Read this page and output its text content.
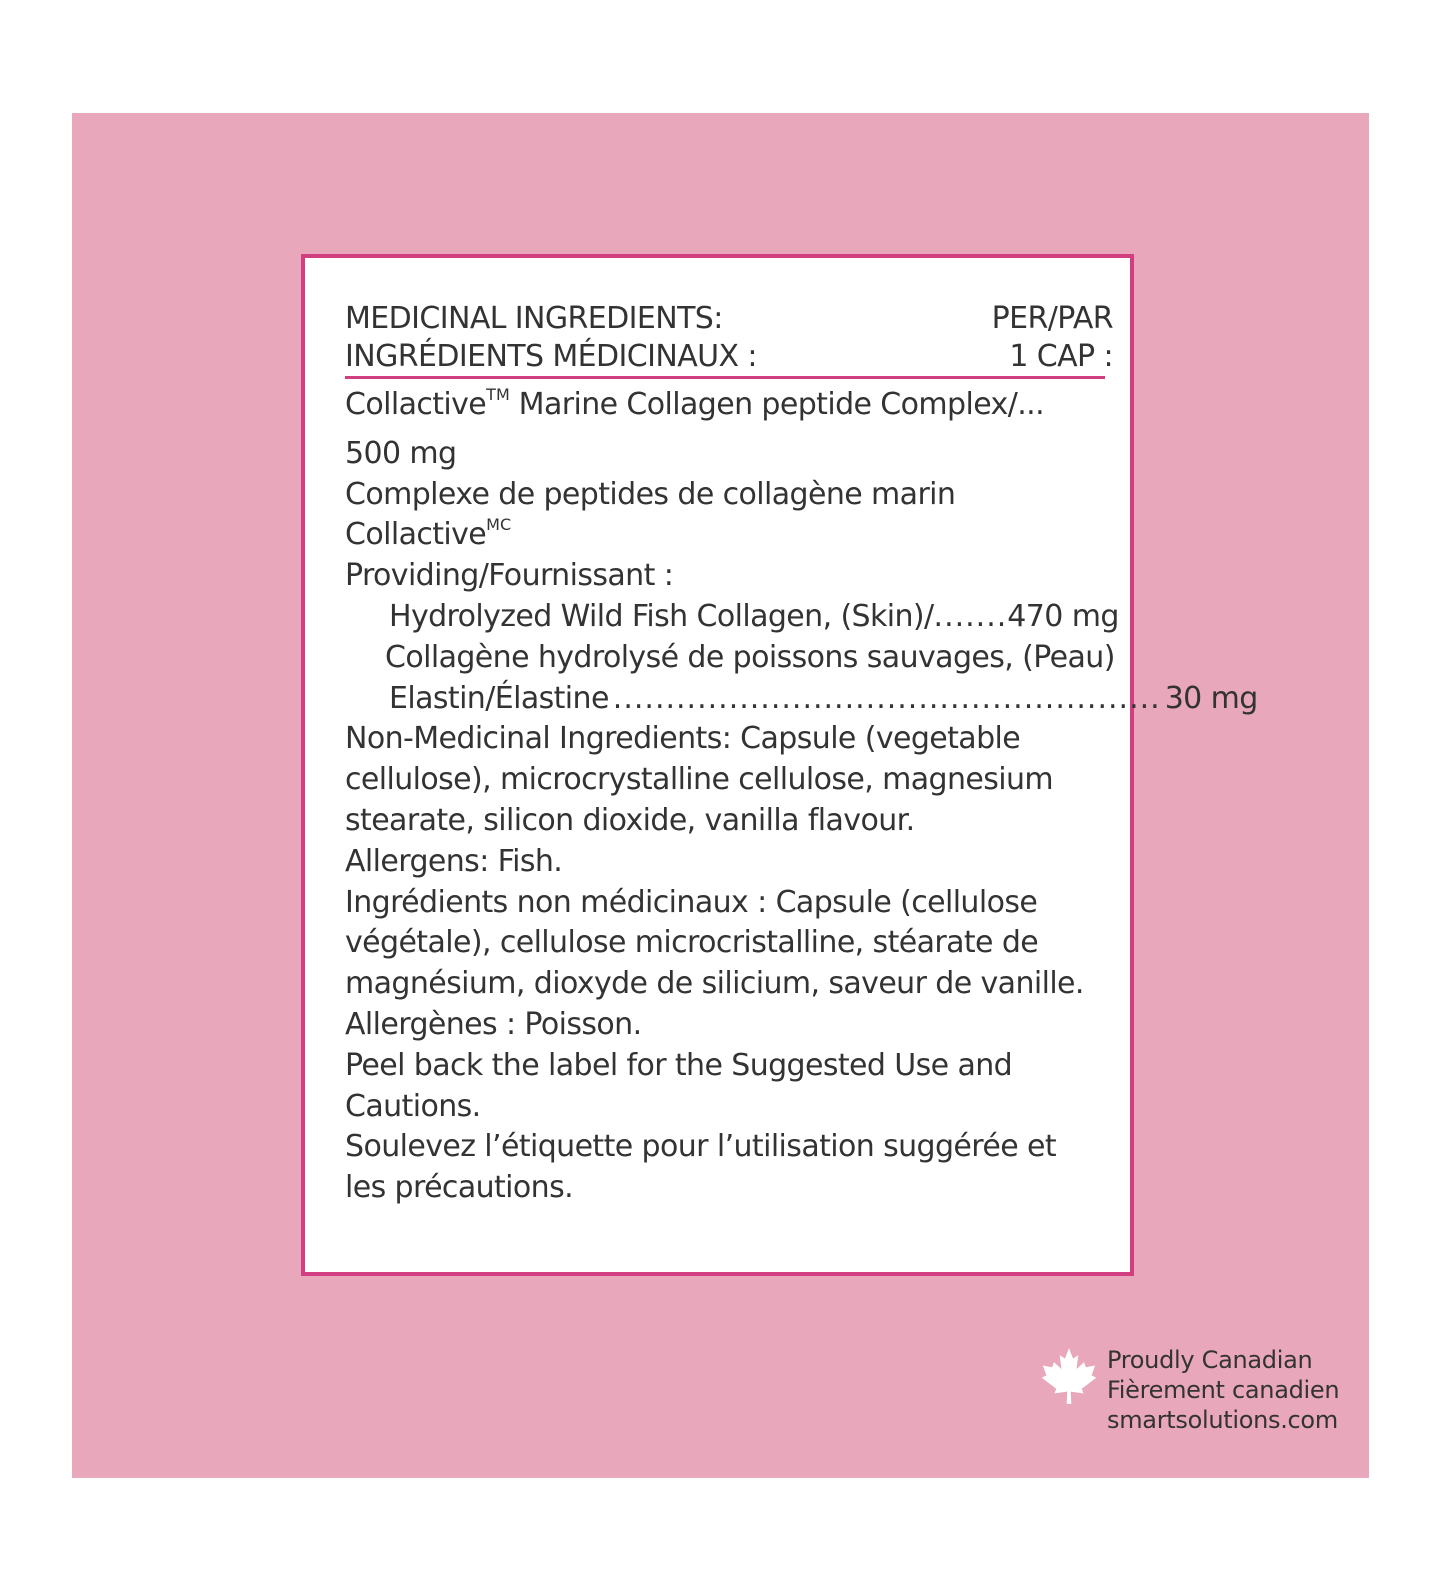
MEDICINAL INGREDIENTS:
INGRÉDIENTS MÉDICINAUX :
PER/PAR
1 CAP :
Collactive™ Marine Collagen peptide Complex/...
500 mg
Complexe de peptides de collagène marin
Collactive$^{MC}$
Providing/Fournissant :
Hydrolyzed Wild Fish Collagen, (Skin)/ ....... 470 mg
Collagène hydrolysé de poissons sauvages, (Peau)
Elastin/Élastine .................................................... 30 mg
Non-Medicinal Ingredients: Capsule (vegetable
cellulose), microcrystalline cellulose, magnesium
stearate, silicon dioxide, vanilla flavour.
Allergens: Fish.
Ingrédients non médicinaux : Capsule (cellulose
végétale), cellulose microcristalline, stéarate de
magnésium, dioxyde de silicium, saveur de vanille.
Allergènes : Poisson.
Peel back the label for the Suggested Use and
Cautions.
Soulevez l’étiquette pour l’utilisation suggérée et
les précautions.
Proudly Canadian
Fièrement canadien
smartsolutions.com
